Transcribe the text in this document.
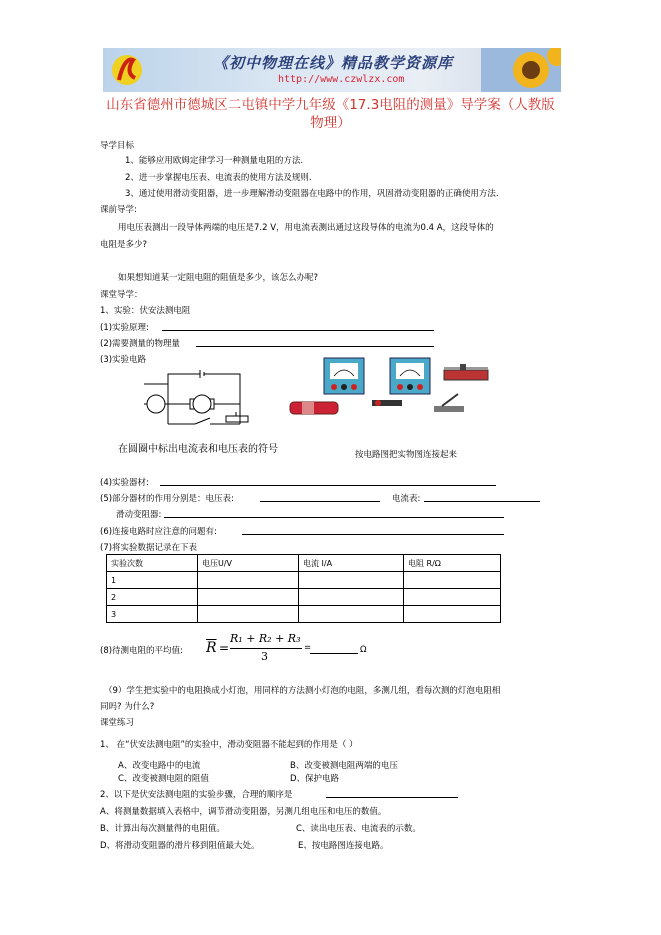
《初中物理在线》精品教学资源库
http://www.czwlzx.com
山东省德州市德城区二屯镇中学九年级《17.3电阻的测量》导学案（人教版物理）
导学目标
1、能够应用欧姆定律学习一种测量电阻的方法.
2、进一步掌握电压表、电流表的使用方法及规则.
3、通过使用滑动变阻器，进一步理解滑动变阻器在电路中的作用，巩固滑动变阻器的正确使用方法.
课前导学:
用电压表测出一段导体两端的电压是7.2 V，用电流表测出通过这段导体的电流为0.4 A，这段导体的
电阻是多少?
如果想知道某一定阻电阻的阻值是多少，该怎么办呢?
课堂导学：
1、实验：伏安法测电阻
(1)实验原理:
(2)需要测量的物理量
(3)实验电路
在圆圈中标出电流表和电压表的符号	按电路图把实物图连接起来
(4)实验器材:
(5)部分器材的作用分别是：电压表:	电流表:
滑动变阻器:
(6)连接电路时应注意的问题有:
(7)将实验数据记录在下表
实验次数	电压U/V	电流 I/A	电阻 R/Ω
1			
2			
3			
(8)待测电阻的平均值: $\overline{R}$ =
R₁ + R₂ + R₃
3
=	Ω
（9）学生把实验中的电阻换成小灯泡，用同样的方法测小灯泡的电阻，多测几组，看每次测的灯泡电阻相
同吗? 为什么?
课堂练习
1、 在“伏安法测电阻”的实验中，滑动变阻器不能起到的作用是（ ）
A、改变电路中的电流	B、改变被测电阻两端的电压
C、改变被测电阻的阻值	D、保护电路
2、以下是伏安法测电阻的实验步骤，合理的顺序是
A、将测量数据填入表格中，调节滑动变阻器，另测几组电压和电压的数值。
B、计算出每次测量得的电阻值。	C、读出电压表、电流表的示数。
D、将滑动变阻器的滑片移到阻值最大处。	E、按电路图连接电路。
